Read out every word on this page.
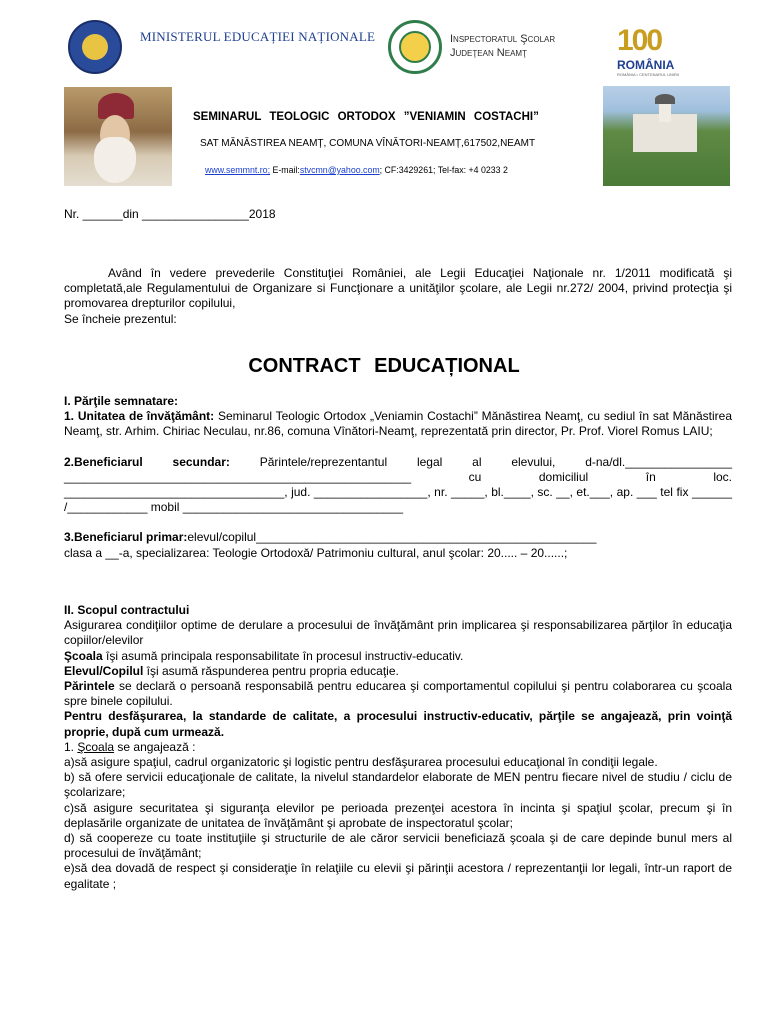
MINISTERUL EDUCAȚIEI NAȚIONALE	Inspectoratul Şcolar
Judeţean Neamţ	100
ROMÂNIA
ROMÂNIA • CENTENARUL UNIRII
SEMINARUL TEOLOGIC ORTODOX ”VENIAMIN COSTACHI”
SAT MĂNĂSTIREA NEAMȚ, COMUNA VÎNĂTORI-NEAMȚ,617502,NEAMT
www.semmnt.ro; E-mail:stvcmn@yahoo.com; CF:3429261; Tel-fax: +4 0233 2
Nr. ______din ________________2018
Având în vedere prevederile Constituţiei României, ale Legii Educaţiei Naţionale nr. 1/2011 modificată şi completată,ale Regulamentului de Organizare si Funcţionare a unităţilor şcolare, ale Legii nr.272/ 2004, privind protecţia şi promovarea drepturilor copilului,
Se încheie prezentul:
CONTRACT EDUCAȚIONAL
I. Părţile semnatare:
1. Unitatea de învăţământ: Seminarul Teologic Ortodox „Veniamin Costachi” Mănăstirea Neamţ, cu sediul în sat Mănăstirea Neamţ, str. Arhim. Chiriac Neculau, nr.86, comuna Vînători-Neamţ, reprezentată prin director, Pr. Prof. Viorel Romus LAIU;
2.Beneficiarul secundar: Părintele/reprezentantul legal al elevului, d-na/dl.________________ ____________________________________________________ cu domiciliul în loc. _________________________________, jud. _________________, nr. _____, bl.____, sc. __, et.___, ap. ___ tel fix ______ /____________ mobil _________________________________
3.Beneficiarul primar:elevul/copilul___________________________________________________
clasa a __-a, specializarea: Teologie Ortodoxă/ Patrimoniu cultural, anul şcolar: 20..... – 20......;
II. Scopul contractului
Asigurarea condiţiilor optime de derulare a procesului de învăţământ prin implicarea şi responsabilizarea părţilor în educaţia copiilor/elevilor
Şcoala îşi asumă principala responsabilitate în procesul instructiv-educativ.
Elevul/Copilul îşi asumă răspunderea pentru propria educaţie.
Părintele se declară o persoană responsabilă pentru educarea şi comportamentul copilului şi pentru colaborarea cu şcoala spre binele copilului.
Pentru desfăşurarea, la standarde de calitate, a procesului instructiv-educativ, părţile se angajează, prin voinţă proprie, după cum urmează.
1. Şcoala se angajează :
a)să asigure spaţiul, cadrul organizatoric şi logistic pentru desfăşurarea procesului educaţional în condiţii legale.
b) să ofere servicii educaţionale de calitate, la nivelul standardelor elaborate de MEN pentru fiecare nivel de studiu / ciclu de şcolarizare;
c)să asigure securitatea şi siguranţa elevilor pe perioada prezenţei acestora în incinta şi spaţiul şcolar, precum şi în deplasările organizate de unitatea de învăţământ şi aprobate de inspectoratul şcolar;
d) să coopereze cu toate instituţiile şi structurile de ale căror servicii beneficiază şcoala şi de care depinde bunul mers al procesului de învăţământ;
e)să dea dovadă de respect şi consideraţie în relaţiile cu elevii şi părinţii acestora / reprezentanţii lor legali, într-un raport de egalitate ;
